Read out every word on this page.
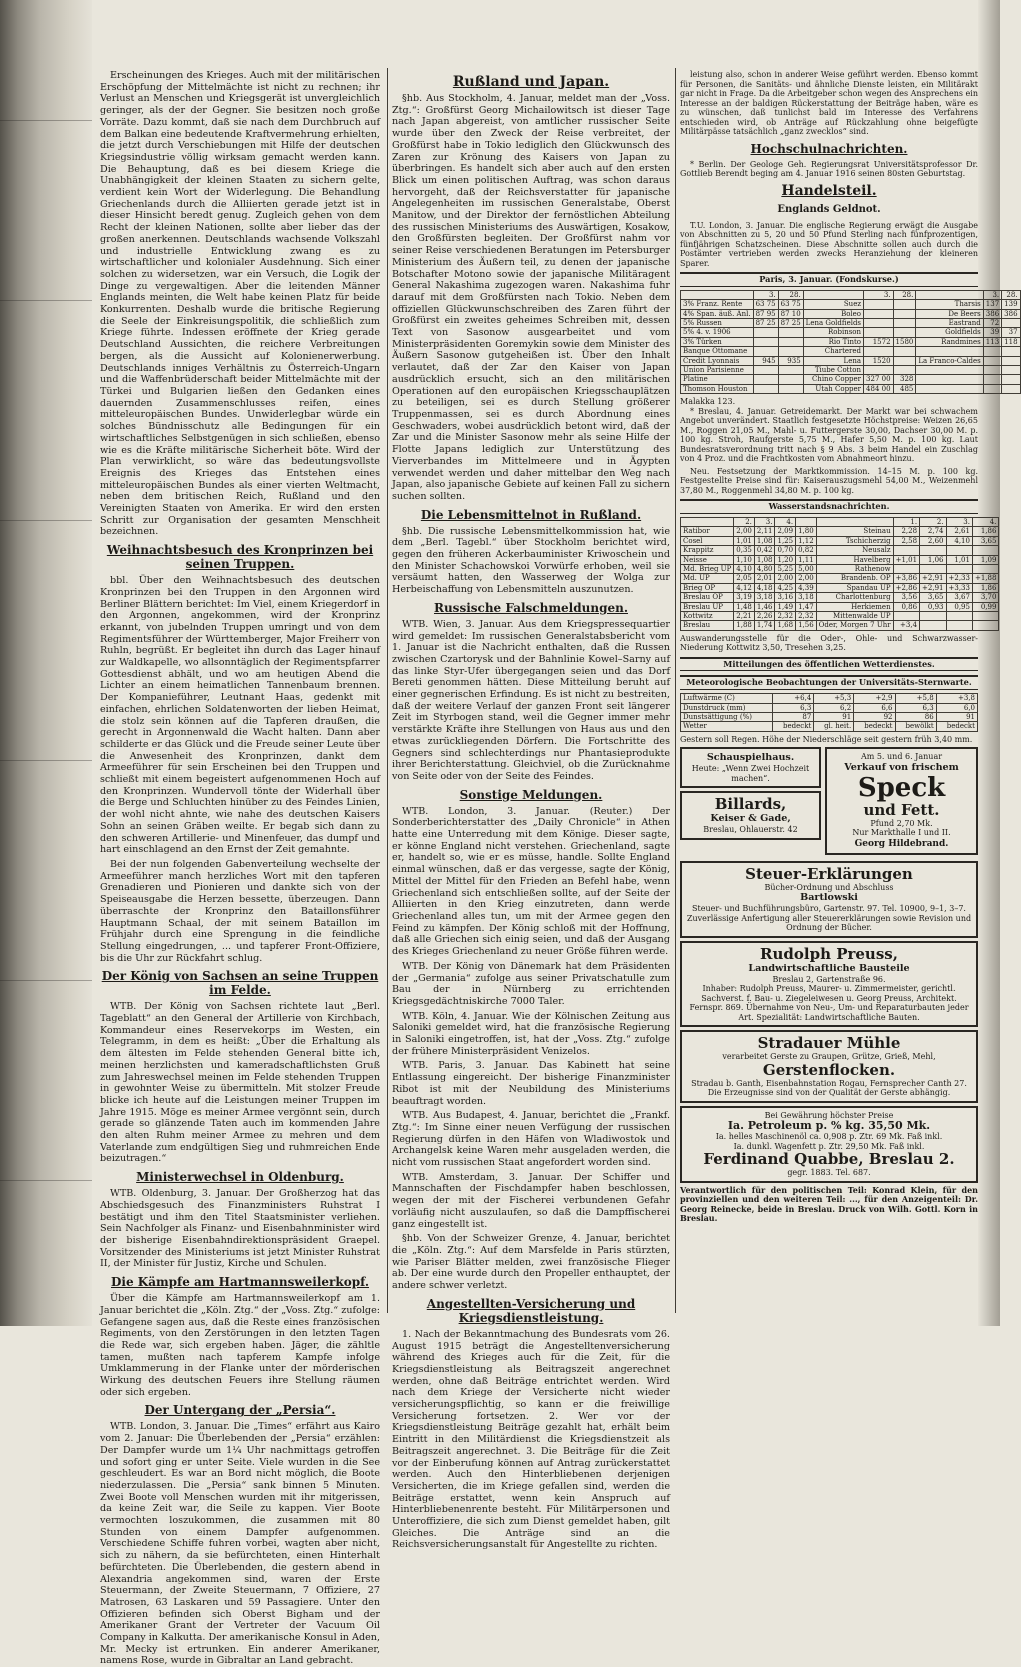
Erscheinungen des Krieges. Auch mit der militärischen Erschöpfung der Mittelmächte ist nicht zu rechnen; ihr Verlust an Menschen und Kriegsgerät ist unvergleichlich geringer, als der der Gegner. Sie besitzen noch große Vorräte. Dazu kommt, daß sie nach dem Durchbruch auf dem Balkan eine bedeutende Kraftvermehrung erhielten, die jetzt durch Verschiebungen mit Hilfe der deutschen Kriegsindustrie völlig wirksam gemacht werden kann. Die Behauptung, daß es bei diesem Kriege die Unabhängigkeit der kleinen Staaten zu sichern gelte, verdient kein Wort der Widerlegung. Die Behandlung Griechenlands durch die Alliierten gerade jetzt ist in dieser Hinsicht beredt genug. Zugleich gehen von dem Recht der kleinen Nationen, sollte aber lieber das der großen anerkennen. Deutschlands wachsende Volkszahl und industrielle Entwicklung zwang es zu wirtschaftlicher und kolonialer Ausdehnung. Sich einer solchen zu widersetzen, war ein Versuch, die Logik der Dinge zu vergewaltigen. Aber die leitenden Männer Englands meinten, die Welt habe keinen Platz für beide Konkurrenten. Deshalb wurde die britische Regierung die Seele der Einkreisungspolitik, die schließlich zum Kriege führte. Indessen eröffnete der Krieg gerade Deutschland Aussichten, die reichere Verbreitungen bergen, als die Aussicht auf Kolonienerwerbung. Deutschlands inniges Verhältnis zu Österreich-Ungarn und die Waffenbrüderschaft beider Mittelmächte mit der Türkei und Bulgarien ließen den Gedanken eines dauernden Zusammenschlusses reifen, eines mitteleuropäischen Bundes. Unwiderlegbar würde ein solches Bündnisschutz alle Bedingungen für ein wirtschaftliches Selbstgenügen in sich schließen, ebenso wie es die Kräfte militärische Sicherheit böte. Wird der Plan verwirklicht, so wäre das bedeutungsvollste Ereignis des Krieges das Entstehen eines mitteleuropäischen Bundes als einer vierten Weltmacht, neben dem britischen Reich, Rußland und den Vereinigten Staaten von Amerika. Er wird den ersten Schritt zur Organisation der gesamten Menschheit bezeichnen.

Weihnachtsbesuch des Kronprinzen bei seinen Truppen.

bbl. Über den Weihnachtsbesuch des deutschen Kronprinzen bei den Truppen in den Argonnen wird Berliner Blättern berichtet: Im Viel, einem Kriegerdorf in den Argonnen, angekommen, wird der Kronprinz erkannt, von jubelnden Truppen umringt und von dem Regimentsführer der Württemberger, Major Freiherr von Ruhln, begrüßt. Er begleitet ihn durch das Lager hinauf zur Waldkapelle, wo allsonntäglich der Regimentspfarrer Gottesdienst abhält, und wo am heutigen Abend die Lichter an einem heimatlichen Tannenbaum brennen. Der Kompanieführer, Leutnant Haas, gedenkt mit einfachen, ehrlichen Soldatenworten der lieben Heimat, die stolz sein können auf die Tapferen draußen, die gerecht in Argonnenwald die Wacht halten. Dann aber schilderte er das Glück und die Freude seiner Leute über die Anwesenheit des Kronprinzen, dankt dem Armeeführer für sein Erscheinen bei den Truppen und schließt mit einem begeistert aufgenommenen Hoch auf den Kronprinzen. Wundervoll tönte der Widerhall über die Berge und Schluchten hinüber zu des Feindes Linien, der wohl nicht ahnte, wie nahe des deutschen Kaisers Sohn an seinen Gräben weilte. Er begab sich dann zu den schweren Artillerie- und Minenfeuer, das dumpf und hart einschlagend an den Ernst der Zeit gemahnte.

Bei der nun folgenden Gabenverteilung wechselte der Armeeführer manch herzliches Wort mit den tapferen Grenadieren und Pionieren und dankte sich von der Speiseausgabe die Herzen bessette, überzeugen. Dann überraschte der Kronprinz den Bataillonsführer Hauptmann Schaal, der mit seinem Bataillon im Frühjahr durch eine Sprengung in die feindliche Stellung eingedrungen, ... und tapferer Front-Offiziere, bis die Uhr zur Rückfahrt schlug.

Der König von Sachsen an seine Truppen im Felde.

WTB. Der König von Sachsen richtete laut „Berl. Tageblatt“ an den General der Artillerie von Kirchbach, Kommandeur eines Reservekorps im Westen, ein Telegramm, in dem es heißt: „Über die Erhaltung als dem ältesten im Felde stehenden General bitte ich, meinen herzlichsten und kameradschaftlichsten Gruß zum Jahreswechsel meinen im Felde stehenden Truppen in gewohnter Weise zu übermitteln. Mit stolzer Freude blicke ich heute auf die Leistungen meiner Truppen im Jahre 1915. Möge es meiner Armee vergönnt sein, durch gerade so glänzende Taten auch im kommenden Jahre den alten Ruhm meiner Armee zu mehren und dem Vaterlande zum endgültigen Sieg und ruhmreichen Ende beizutragen.“

Ministerwechsel in Oldenburg.

WTB. Oldenburg, 3. Januar. Der Großherzog hat das Abschiedsgesuch des Finanzministers Ruhstrat I bestätigt und ihm den Titel Staatsminister verliehen. Sein Nachfolger als Finanz- und Eisenbahnminister wird der bisherige Eisenbahndirektionspräsident Graepel. Vorsitzender des Ministeriums ist jetzt Minister Ruhstrat II, der Minister für Justiz, Kirche und Schulen.

Die Kämpfe am Hartmannsweilerkopf.

Über die Kämpfe am Hartmannsweilerkopf am 1. Januar berichtet die „Köln. Ztg.“ der „Voss. Ztg.“ zufolge: Gefangene sagen aus, daß die Reste eines französischen Regiments, von den Zerstörungen in den letzten Tagen die Rede war, sich ergeben haben. Jäger, die zähltle tamen, mußten nach tapferem Kampfe infolge Umklammerung in der Flanke unter der mörderischen Wirkung des deutschen Feuers ihre Stellung räumen oder sich ergeben.

Der Untergang der „Persia“.

WTB. London, 3. Januar. Die „Times“ erfährt aus Kairo vom 2. Januar: Die Überlebenden der „Persia“ erzählen: Der Dampfer wurde um 1¼ Uhr nachmittags getroffen und sofort ging er unter Seite. Viele wurden in die See geschleudert. Es war an Bord nicht möglich, die Boote niederzulassen. Die „Persia“ sank binnen 5 Minuten. Zwei Boote voll Menschen wurden mit ihr mitgerissen, da keine Zeit war, die Seile zu kappen. Vier Boote vermochten loszukommen, die zusammen mit 80 Stunden von einem Dampfer aufgenommen. Verschiedene Schiffe fuhren vorbei, wagten aber nicht, sich zu nähern, da sie befürchteten, einen Hinterhalt befürchteten. Die Überlebenden, die gestern abend in Alexandria angekommen sind, waren der Erste Steuermann, der Zweite Steuermann, 7 Offiziere, 27 Matrosen, 63 Laskaren und 59 Passagiere. Unter den Offizieren befinden sich Oberst Bigham und der Amerikaner Grant der Vertreter der Vacuum Oil Company in Kalkutta. Der amerikanische Konsul in Aden, Mr. Mecky ist ertrunken. Ein anderer Amerikaner, namens Rose, wurde in Gibraltar an Land gebracht.

Rußland und Japan.

§hb. Aus Stockholm, 4. Januar, meldet man der „Voss. Ztg.“: Großfürst Georg Michailowitsch ist dieser Tage nach Japan abgereist, von amtlicher russischer Seite wurde über den Zweck der Reise verbreitet, der Großfürst habe in Tokio lediglich den Glückwunsch des Zaren zur Krönung des Kaisers von Japan zu überbringen. Es handelt sich aber auch auf den ersten Blick um einen politischen Auftrag, was schon daraus hervorgeht, daß der Reichsverstatter für japanische Angelegenheiten im russischen Generalstabe, Oberst Manitow, und der Direktor der fernöstlichen Abteilung des russischen Ministeriums des Auswärtigen, Kosakow, den Großfürsten begleiten. Der Großfürst nahm vor seiner Reise verschiedenen Beratungen im Petersburger Ministerium des Äußern teil, zu denen der japanische Botschafter Motono sowie der japanische Militäragent General Nakashima zugezogen waren. Nakashima fuhr darauf mit dem Großfürsten nach Tokio. Neben dem offiziellen Glückwunschschreiben des Zaren führt der Großfürst ein zweites geheimes Schreiben mit, dessen Text von Sasonow ausgearbeitet und vom Ministerpräsidenten Goremykin sowie dem Minister des Äußern Sasonow gutgeheißen ist. Über den Inhalt verlautet, daß der Zar den Kaiser von Japan ausdrücklich ersucht, sich an den militärischen Operationen auf den europäischen Kriegsschauplätzen zu beteiligen, sei es durch Stellung größerer Truppenmassen, sei es durch Abordnung eines Geschwaders, wobei ausdrücklich betont wird, daß der Zar und die Minister Sasonow mehr als seine Hilfe der Flotte Japans lediglich zur Unterstützung des Vierverbandes im Mittelmeere und in Ägypten verwendet werden und daher mittelbar den Weg nach Japan, also japanische Gebiete auf keinen Fall zu sichern suchen sollten.

Die Lebensmittelnot in Rußland.

§hb. Die russische Lebensmittelkommission hat, wie dem „Berl. Tagebl.“ über Stockholm berichtet wird, gegen den früheren Ackerbauminister Kriwoschein und den Minister Schachowskoi Vorwürfe erhoben, weil sie versäumt hatten, den Wasserweg der Wolga zur Herbeischaffung von Lebensmitteln auszunutzen.

Russische Falschmeldungen.

WTB. Wien, 3. Januar. Aus dem Kriegspressequartier wird gemeldet: Im russischen Generalstabsbericht vom 1. Januar ist die Nachricht enthalten, daß die Russen zwischen Czartorysk und der Bahnlinie Kowel–Sarny auf das linke Styr-Ufer übergegangen seien und das Dorf Bereti genommen hätten. Diese Mitteilung beruht auf einer gegnerischen Erfindung. Es ist nicht zu bestreiten, daß der weitere Verlauf der ganzen Front seit längerer Zeit im Styrbogen stand, weil die Gegner immer mehr verstärkte Kräfte ihre Stellungen von Haus aus und den etwas zurückliegenden Dörfern. Die Fortschritte des Gegners sind schlechterdings nur Phantasieprodukte ihrer Berichterstattung. Gleichviel, ob die Zurücknahme von Seite oder von der Seite des Feindes.

Sonstige Meldungen.

WTB. London, 3. Januar. (Reuter.) Der Sonderberichterstatter des „Daily Chronicle“ in Athen hatte eine Unterredung mit dem Könige. Dieser sagte, er könne England nicht verstehen. Griechenland, sagte er, handelt so, wie er es müsse, handle. Sollte England einmal wünschen, daß er das vergesse, sagte der König, Mittel der Mittel für den Frieden an Befehl habe, wenn Griechenland sich entschließen sollte, auf der Seite der Alliierten in den Krieg einzutreten, dann werde Griechenland alles tun, um mit der Armee gegen den Feind zu kämpfen. Der König schloß mit der Hoffnung, daß alle Griechen sich einig seien, und daß der Ausgang des Krieges Griechenland zu neuer Größe führen werde.

WTB. Der König von Dänemark hat dem Präsidenten der „Germania“ zufolge aus seiner Privatschatulle zum Bau der in Nürnberg zu errichtenden Kriegsgedächtniskirche 7000 Taler.

WTB. Köln, 4. Januar. Wie der Kölnischen Zeitung aus Saloniki gemeldet wird, hat die französische Regierung in Saloniki eingetroffen, ist, hat der „Voss. Ztg.“ zufolge der frühere Ministerpräsident Venizelos.

WTB. Paris, 3. Januar. Das Kabinett hat seine Entlassung eingereicht. Der bisherige Finanzminister Ribot ist mit der Neubildung des Ministeriums beauftragt worden.

WTB. Aus Budapest, 4. Januar, berichtet die „Frankf. Ztg.“: Im Sinne einer neuen Verfügung der russischen Regierung dürfen in den Häfen von Wladiwostok und Archangelsk keine Waren mehr ausgeladen werden, die nicht vom russischen Staat angefordert worden sind.

WTB. Amsterdam, 3. Januar. Der Schiffer und Mannschaften der Fischdampfer haben beschlossen, wegen der mit der Fischerei verbundenen Gefahr vorläufig nicht auszulaufen, so daß die Dampffischerei ganz eingestellt ist.

§hb. Von der Schweizer Grenze, 4. Januar, berichtet die „Köln. Ztg.“: Auf dem Marsfelde in Paris stürzten, wie Pariser Blätter melden, zwei französische Flieger ab. Der eine wurde durch den Propeller enthauptet, der andere schwer verletzt.

Angestellten-Versicherung und Kriegsdienstleistung.

1. Nach der Bekanntmachung des Bundesrats vom 26. August 1915 beträgt die Angestelltenversicherung während des Krieges auch für die Zeit, für die Kriegsdienstleistung als Beitragszeit angerechnet werden, ohne daß Beiträge entrichtet werden. Wird nach dem Kriege der Versicherte nicht wieder versicherungspflichtig, so kann er die freiwillige Versicherung fortsetzen. 2. Wer vor der Kriegsdienstleistung Beiträge gezahlt hat, erhält beim Eintritt in den Militärdienst die Kriegsdienstzeit als Beitragszeit angerechnet. 3. Die Beiträge für die Zeit vor der Einberufung können auf Antrag zurückerstattet werden. Auch den Hinterbliebenen derjenigen Versicherten, die im Kriege gefallen sind, werden die Beiträge erstattet, wenn kein Anspruch auf Hinterbliebenenrente besteht. Für Militärpersonen und Unteroffiziere, die sich zum Dienst gemeldet haben, gilt Gleiches. Die Anträge sind an die Reichsversicherungsanstalt für Angestellte zu richten.

leistung also, schon in anderer Weise geführt werden. Ebenso kommt für Personen, die Sanitäts- und ähnliche Dienste leisten, ein Militärakt gar nicht in Frage. Da die Arbeitgeber schon wegen des Ansprechens ein Interesse an der baldigen Rückerstattung der Beiträge haben, wäre es zu wünschen, daß tunlichst bald im Interesse des Verfahrens entschieden wird, ob Anträge auf Rückzahlung ohne beigefügte Militärpässe tatsächlich „ganz zwecklos“ sind.

Hochschulnachrichten.

* Berlin. Der Geologe Geh. Regierungsrat Universitätsprofessor Dr. Gottlieb Berendt beging am 4. Januar 1916 seinen 80sten Geburtstag.

Handelsteil.
Englands Geldnot.

T.U. London, 3. Januar. Die englische Regierung erwägt die Ausgabe von Abschnitten zu 5, 20 und 50 Pfund Sterling nach fünfprozentigen, fünfjährigen Schatzscheinen. Diese Abschnitte sollen auch durch die Postämter vertrieben werden zwecks Heranziehung der kleineren Sparer.

Paris, 3. Januar. (Fondskurse.)
	3.	28.		3.	28.		3.	28.
3% Franz. Rente	63 75	63 75	Suez			Tharsis	137	139
4% Span. äuß. Anl.	87 95	87 10	Boleo			De Beers	386	386
5% Russen	87 25	87 25	Lena Goldfields			Eastrand	72	
5% 4. v. 1906			Robinson			Goldfields	39	37
3% Türken			Rio Tinto	1572	1580	Randmines	113	118
Banque Ottomane			Chartered					
Credit Lyonnais	945	935	Lena	1520		La Franco-Caldes		
Union Parisienne			Tiube Cotton					
Platine			Chino Copper	327 00	328			
Thomson Houston			Utah Copper	484 00	485			
Malakka 123.

* Breslau, 4. Januar. Getreidemarkt. Der Markt war bei schwachem Angebot unverändert. Staatlich festgesetzte Höchstpreise: Weizen 26,65 M., Roggen 21,05 M., Mahl- u. Futtergerste 30,00, Dachser 30,00 M. p. 100 kg. Stroh, Raufgerste 5,75 M., Hafer 5,50 M. p. 100 kg. Laut Bundesratsverordnung tritt nach § 9 Abs. 3 beim Handel ein Zuschlag von 4 Proz. und die Frachtkosten vom Abnahmeort hinzu.

Neu. Festsetzung der Marktkommission. 14–15 M. p. 100 kg. Festgestellte Preise sind für: Kaiserauszugsmehl 54,00 M., Weizenmehl 37,80 M., Roggenmehl 34,80 M. p. 100 kg.

Wasserstandsnachrichten.
	2.	3.	4.			1.	2.	3.	4.
Ratibor	2,00	2,11	2,09	1,80	Steinau	2,28	2,74	2,61	1,86
Cosel	1,01	1,08	1,25	1,12	Tschicherzig	2,58	2,60	4,10	3,65
Krappitz	0,35	0,42	0,70	0,82	Neusalz				
Neisse	1,10	1,08	1,20	1,11	Havelberg	+1,01	1,06	1,01	1,09
Md. Brieg UP	4,10	4,80	5,25	5,00	Rathenow				
Md. UP	2,05	2,01	2,00	2,00	Brandenb. OP	+3,86	+2,91	+2,33	+1,88
Brieg OP	4,12	4,18	4,25	4,39	Spandau UP	+2,86	+2,91	+3,33	1,86
Breslau OP	3,19	3,18	3,16	3,18	Charlottenburg	3,56	3,65	3,67	3,70
Breslau UP	1,48	1,46	1,49	1,47	Herkiemen	0,86	0,93	0,95	0,99
Kottwitz	2,21	2,26	2,32	2,32	Mittenwalde UP				
Breslau	1,88	1,74	1,68	1,56	Oder, Morgen 7 Uhr	+3,4			
Auswanderungsstelle für die Oder-, Ohle- und Schwarzwasser-Niederung Kottwitz 3,50, Tresehen 3,25.
Mitteilungen des öffentlichen Wetterdienstes.
Meteorologische Beobachtungen der Universitäts-Sternwarte.
Luftwärme (C)	+6,4	+5,3	+2,9	+5,8	+3,8
Dunstdruck (mm)	6,3	6,2	6,6	6,3	6,0
Dunstsättigung (%)	87	91	92	86	91
Wetter	bedeckt	gl. heit.	bedeckt	bewölkt	bedeckt
Gestern soll Regen. Höhe der Niederschläge seit gestern früh 3,40 mm.
Schauspielhaus.
Heute: „Wenn Zwei Hochzeit machen“.
Billards,
Keiser & Gade,
Breslau, Ohlauerstr. 42
Am 5. und 6. Januar
Verkauf von frischem
Speck
und Fett.
Pfund 2,70 Mk.
Nur Markthalle I und II.
Georg Hildebrand.
Steuer-Erklärungen
Bücher-Ordnung und Abschluss
Bartlowski
Steuer- und Buchführungsbüro, Gartenstr. 97. Tel. 10900, 9–1, 3–7. Zuverlässige Anfertigung aller Steuererklärungen sowie Revision und Ordnung der Bücher.
Rudolph Preuss,
Landwirtschaftliche Bausteile
Breslau 2, Gartenstraße 96.
Inhaber: Rudolph Preuss, Maurer- u. Zimmermeister, gerichtl. Sachverst. f. Bau- u. Ziegeleiwesen u. Georg Preuss, Architekt. Fernspr. 869. Übernahme von Neu-, Um- und Reparaturbauten jeder Art. Spezialität: Landwirtschaftliche Bauten.
Stradauer Mühle
verarbeitet Gerste zu Graupen, Grütze, Grieß, Mehl,
Gerstenflocken.
Stradau b. Ganth, Eisenbahnstation Rogau, Fernsprecher Canth 27. Die Erzeugnisse sind von der Qualität der Gerste abhängig.
Bei Gewährung höchster Preise
Ia. Petroleum p. % kg. 35,50 Mk.
Ia. helles Maschinenöl ca. 0,908 p. Ztr. 69 Mk. Faß inkl.
Ia. dunkl. Wagenfett p. Ztr. 29,50 Mk. Faß inkl.
Ferdinand Quabbe, Breslau 2.
gegr. 1883. Tel. 687.
Verantwortlich für den politischen Teil: Konrad Klein, für den provinziellen und den weiteren Teil: ..., für den Anzeigenteil: Dr. Georg Reinecke, beide in Breslau. Druck von Wilh. Gottl. Korn in Breslau.
